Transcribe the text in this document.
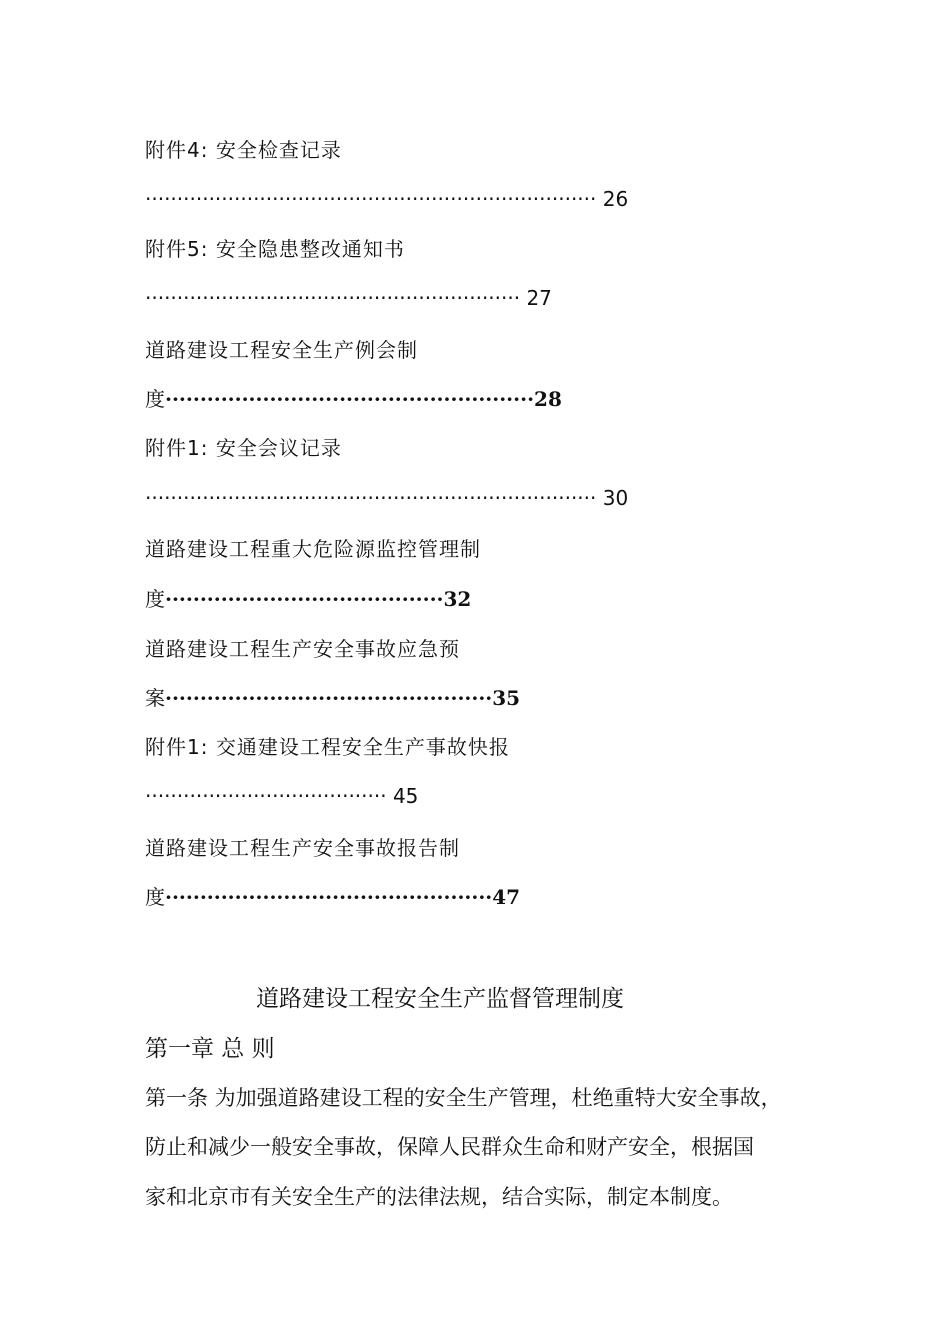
附件4: 安全检查记录
······································································· 26
附件5: 安全隐患整改通知书
··························································· 27
道路建设工程安全生产例会制
度·····················································28
附件1: 安全会议记录
······································································· 30
道路建设工程重大危险源监控管理制
度········································32
道路建设工程生产安全事故应急预
案···············································35
附件1: 交通建设工程安全生产事故快报
······································ 45
道路建设工程生产安全事故报告制
度···············································47
道路建设工程安全生产监督管理制度
第一章 总 则
第一条 为加强道路建设工程的安全生产管理，杜绝重特大安全事故，
防止和减少一般安全事故，保障人民群众生命和财产安全，根据国
家和北京市有关安全生产的法律法规，结合实际，制定本制度。
